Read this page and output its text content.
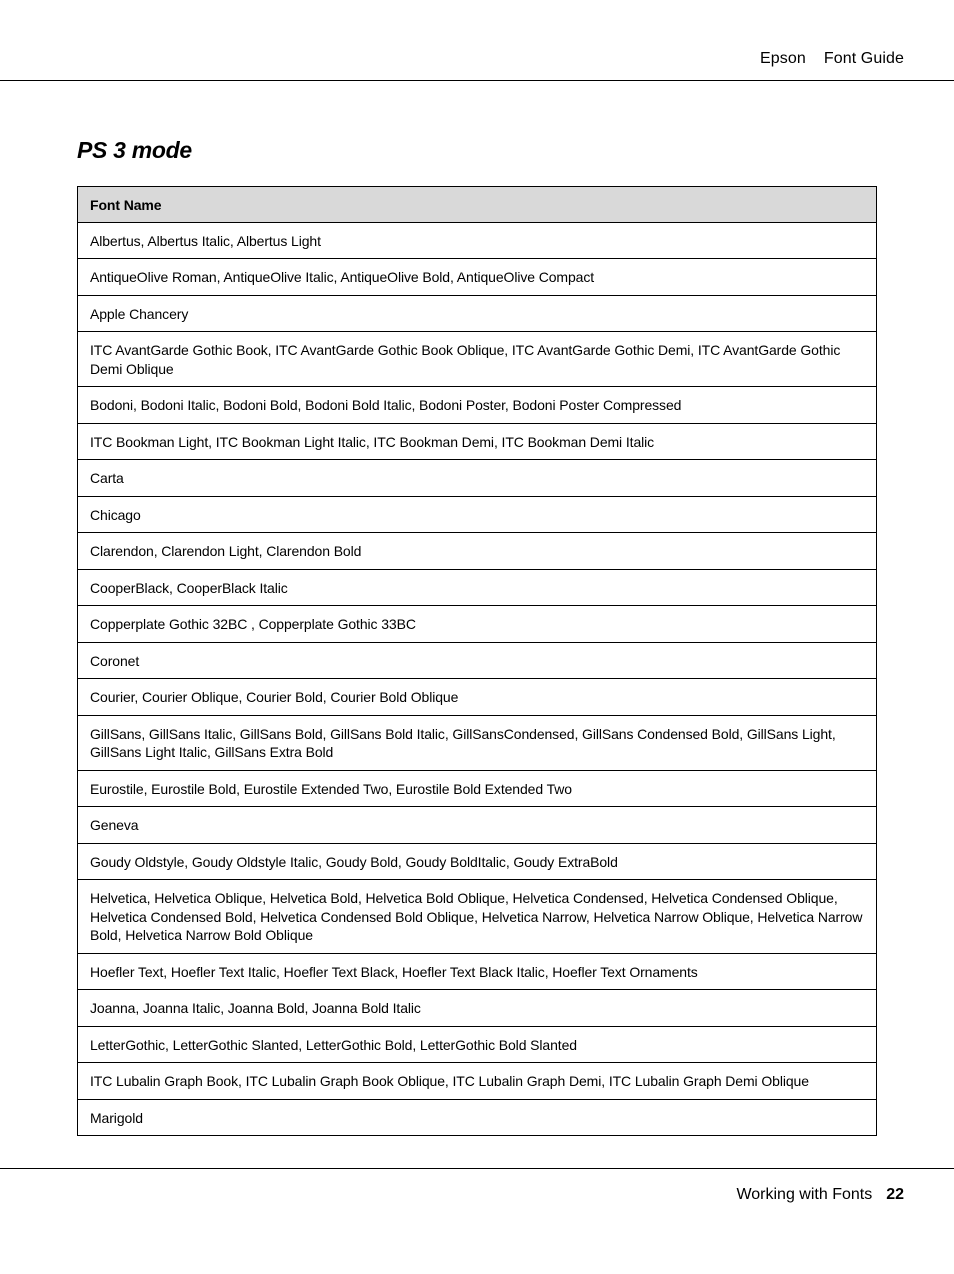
Epson Font Guide
PS 3 mode
Font Name
Albertus, Albertus Italic, Albertus Light
AntiqueOlive Roman, AntiqueOlive Italic, AntiqueOlive Bold, AntiqueOlive Compact
Apple Chancery
ITC AvantGarde Gothic Book, ITC AvantGarde Gothic Book Oblique, ITC AvantGarde Gothic Demi, ITC AvantGarde Gothic Demi Oblique
Bodoni, Bodoni Italic, Bodoni Bold, Bodoni Bold Italic, Bodoni Poster, Bodoni Poster Compressed
ITC Bookman Light, ITC Bookman Light Italic, ITC Bookman Demi, ITC Bookman Demi Italic
Carta
Chicago
Clarendon, Clarendon Light, Clarendon Bold
CooperBlack, CooperBlack Italic
Copperplate Gothic 32BC , Copperplate Gothic 33BC
Coronet
Courier, Courier Oblique, Courier Bold, Courier Bold Oblique
GillSans, GillSans Italic, GillSans Bold, GillSans Bold Italic, GillSansCondensed, GillSans Condensed Bold, GillSans Light, GillSans Light Italic, GillSans Extra Bold
Eurostile, Eurostile Bold, Eurostile Extended Two, Eurostile Bold Extended Two
Geneva
Goudy Oldstyle, Goudy Oldstyle Italic, Goudy Bold, Goudy BoldItalic, Goudy ExtraBold
Helvetica, Helvetica Oblique, Helvetica Bold, Helvetica Bold Oblique, Helvetica Condensed, Helvetica Condensed Oblique, Helvetica Condensed Bold, Helvetica Condensed Bold Oblique, Helvetica Narrow, Helvetica Narrow Oblique, Helvetica Narrow Bold, Helvetica Narrow Bold Oblique
Hoefler Text, Hoefler Text Italic, Hoefler Text Black, Hoefler Text Black Italic, Hoefler Text Ornaments
Joanna, Joanna Italic, Joanna Bold, Joanna Bold Italic
LetterGothic, LetterGothic Slanted, LetterGothic Bold, LetterGothic Bold Slanted
ITC Lubalin Graph Book, ITC Lubalin Graph Book Oblique, ITC Lubalin Graph Demi, ITC Lubalin Graph Demi Oblique
Marigold
Working with Fonts 22
